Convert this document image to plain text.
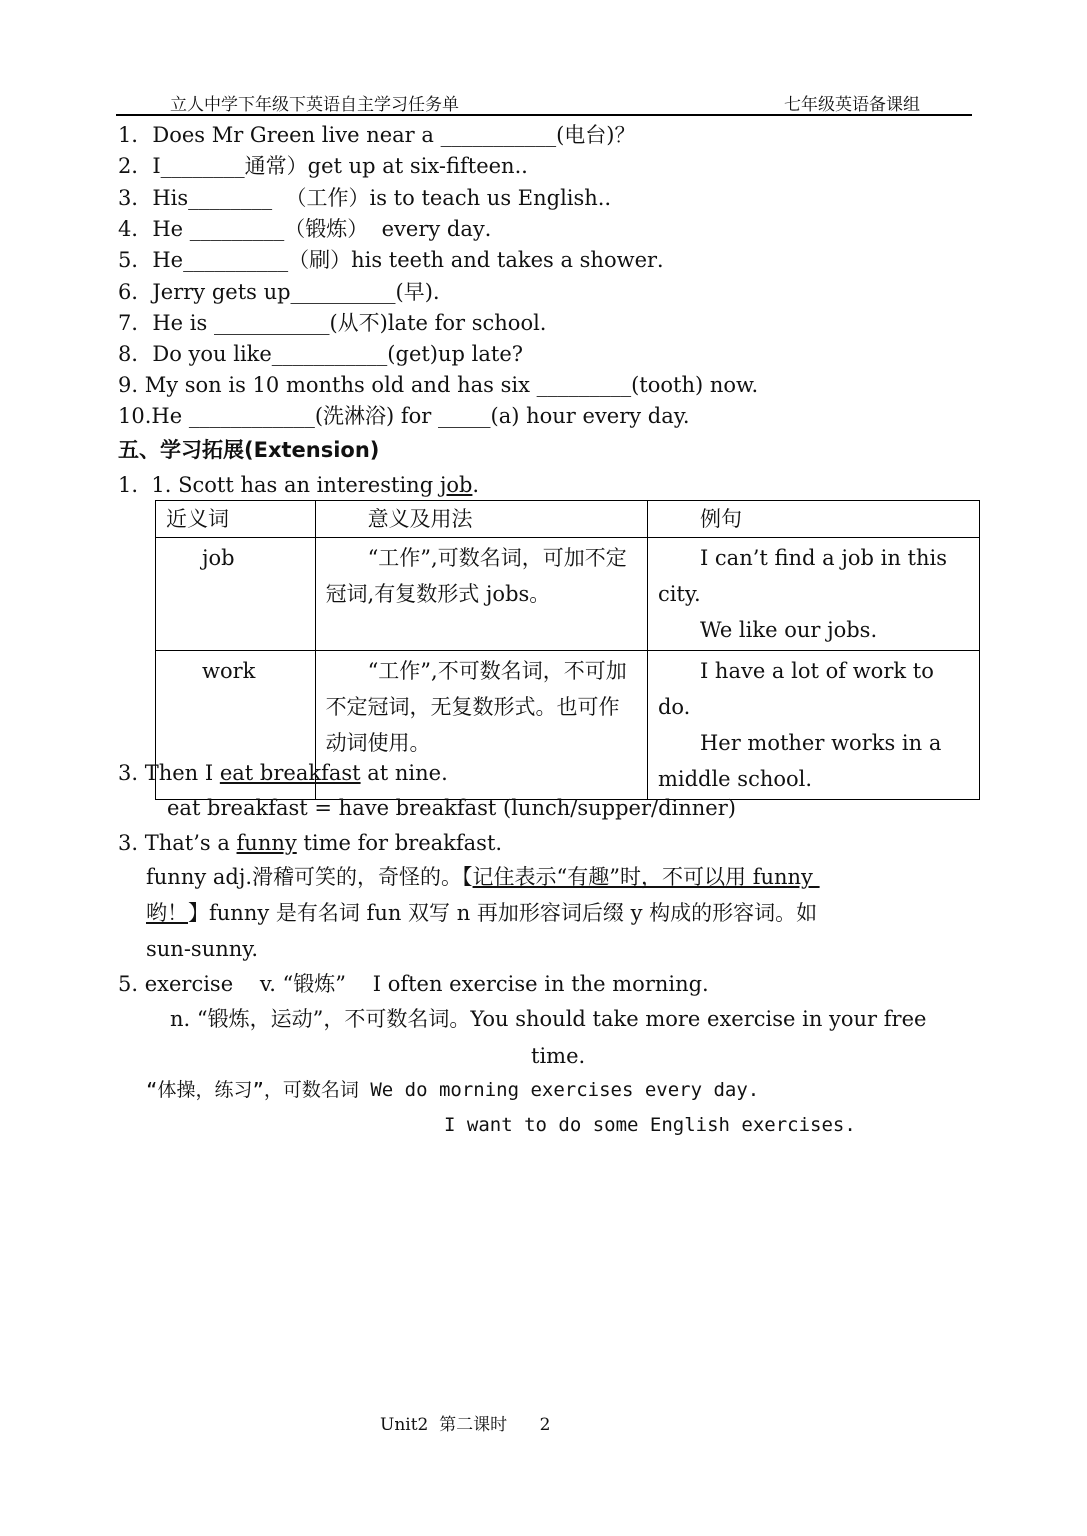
立人中学下年级下英语自主学习任务单	七年级英语备课组
1．Does Mr Green live near a ___________(电台)？
2．I________通常）get up at six-fifteen.．
3．His________  （工作）is to teach us English.．
4．He _________（锻炼）  every day．
5．He__________（刷）his teeth and takes a shower．
6．Jerry gets up__________(早)．
7．He is ___________(从不)late for school.
8．Do you like___________(get)up late?
9. My son is 10 months old and has six _________(tooth) now.
10.He ____________(洗淋浴) for _____(a) hour every day.
五、学习拓展(Extension)
1.  1. Scott has an interesting job.
近义词	意义及用法	例句
job	“工作”,可数名词，可加不定冠词,有复数形式 jobs。	I can’t find a job in this city.
We like our jobs.

work	“工作”,不可数名词，不可加不定冠词，无复数形式。也可作动词使用。	I have a lot of work to do.
Her mother works in a middle school.
3. Then I eat breakfast at nine.
eat breakfast = have breakfast (lunch/supper/dinner)
3. That’s a funny time for breakfast.
funny adj.滑稽可笑的，奇怪的。【记住表示“有趣”时，不可以用 funny
哟！】funny 是有名词 fun 双写 n 再加形容词后缀 y 构成的形容词。如
sun-sunny.
5. exercise    v. “锻炼”    I often exercise in the morning.
n. “锻炼，运动”，不可数名词。You should take more exercise in your free
time.
“体操，练习”，可数名词 We do morning exercises every day.
I want to do some English exercises.
Unit2  第二课时      2
